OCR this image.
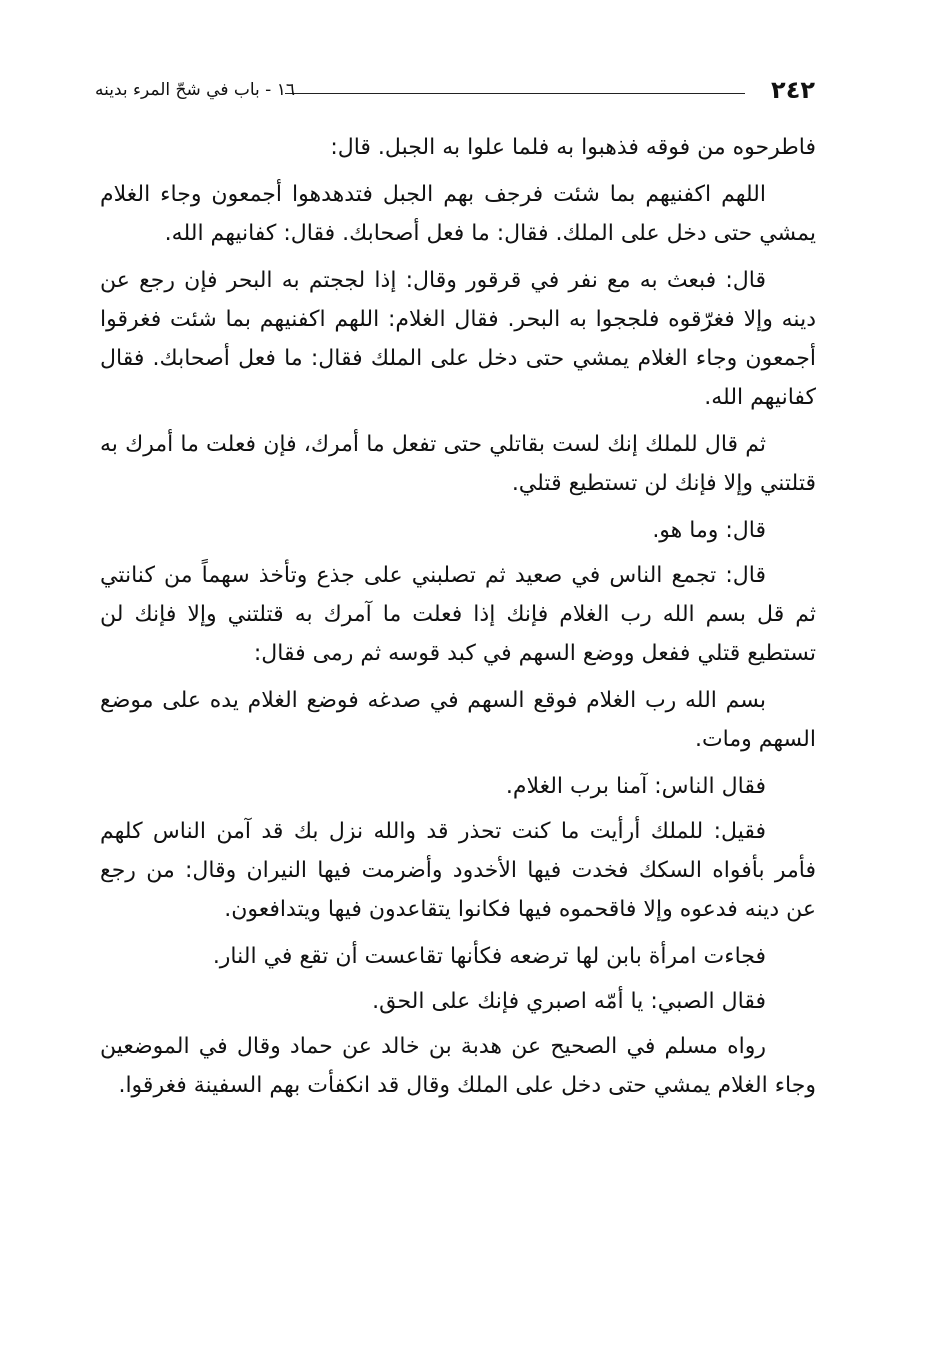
٢٤٢
١٦ - باب في شحّ المرء بدينه

فاطرحوه من فوقه فذهبوا به فلما علوا به الجبل. قال:

اللهم اكفنيهم بما شئت فرجف بهم الجبل فتدهدهوا أجمعون وجاء الغلام يمشي حتى دخل على الملك. فقال: ما فعل أصحابك. فقال: كفانيهم الله.

قال: فبعث به مع نفر في قرقور وقال: إذا لججتم به البحر فإن رجع عن دينه وإلا فغرّقوه فلججوا به البحر. فقال الغلام: اللهم اكفنيهم بما شئت فغرقوا أجمعون وجاء الغلام يمشي حتى دخل على الملك فقال: ما فعل أصحابك. فقال كفانيهم الله.

ثم قال للملك إنك لست بقاتلي حتى تفعل ما أمرك، فإن فعلت ما أمرك به قتلتني وإلا فإنك لن تستطيع قتلي.

قال: وما هو.

قال: تجمع الناس في صعيد ثم تصلبني على جذع وتأخذ سهماً من كنانتي ثم قل بسم الله رب الغلام فإنك إذا فعلت ما آمرك به قتلتني وإلا فإنك لن تستطيع قتلي ففعل ووضع السهم في كبد قوسه ثم رمى فقال:

بسم الله رب الغلام فوقع السهم في صدغه فوضع الغلام يده على موضع السهم ومات.

فقال الناس: آمنا برب الغلام.

فقيل: للملك أرأيت ما كنت تحذر قد والله نزل بك قد آمن الناس كلهم فأمر بأفواه السكك فخدت فيها الأخدود وأضرمت فيها النيران وقال: من رجع عن دينه فدعوه وإلا فاقحموه فيها فكانوا يتقاعدون فيها ويتدافعون.

فجاءت امرأة بابن لها ترضعه فكأنها تقاعست أن تقع في النار.

فقال الصبي: يا أمّه اصبري فإنك على الحق.

رواه مسلم في الصحيح عن هدبة بن خالد عن حماد وقال في الموضعين وجاء الغلام يمشي حتى دخل على الملك وقال قد انكفأت بهم السفينة فغرقوا.
